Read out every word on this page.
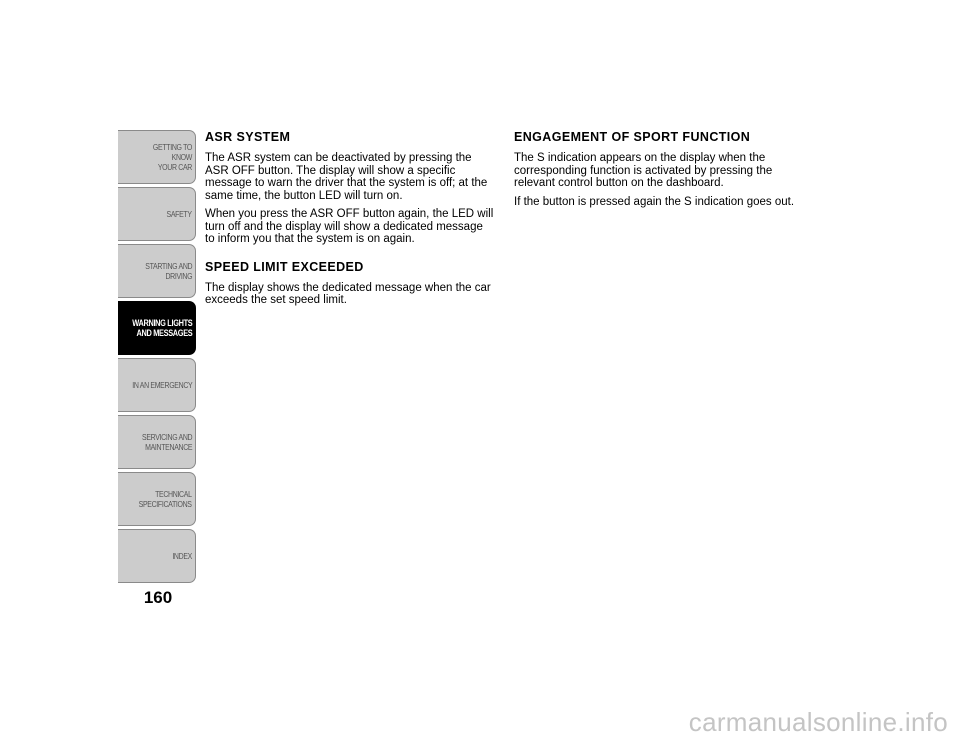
GETTING TO KNOW
YOUR CAR
SAFETY
STARTING AND
DRIVING
WARNING LIGHTS
AND MESSAGES
IN AN EMERGENCY
SERVICING AND
MAINTENANCE
TECHNICAL
SPECIFICATIONS
INDEX
160
ASR SYSTEM

The ASR system can be deactivated by pressing the ASR OFF button. The display will show a specific message to warn the driver that the system is off; at the same time, the button LED will turn on.

When you press the ASR OFF button again, the LED will turn off and the display will show a dedicated message to inform you that the system is on again.

SPEED LIMIT EXCEEDED

The display shows the dedicated message when the car exceeds the set speed limit.

ENGAGEMENT OF SPORT FUNCTION

The S indication appears on the display when the corresponding function is activated by pressing the relevant control button on the dashboard.

If the button is pressed again the S indication goes out.

carmanualsonline.info
